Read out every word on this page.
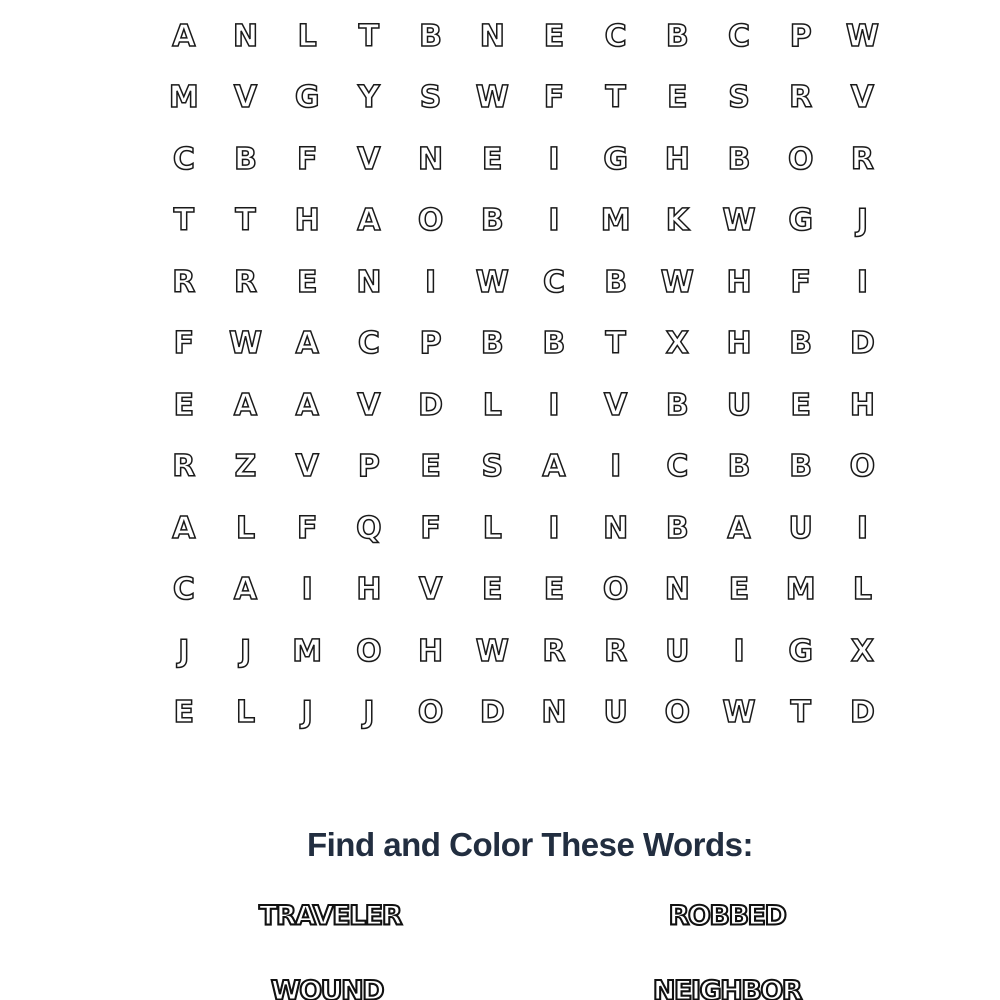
A N L T B N E C B C P W
M V G Y S W F T E S R V
C B F V N E I G H B O R
T T H A O B I M K W G J
R R E N I W C B W H F I
F W A C P B B T X H B D
E A A V D L I V B U E H
R Z V P E S A I C B B O
A L F Q F L I N B A U I
C A I H V E E O N E M L
J J M O H W R R U I G X
E L J J O D N U O W T D
Find and Color These Words:
TRAVELER	ROBBED
WOUND	NEIGHBOR
